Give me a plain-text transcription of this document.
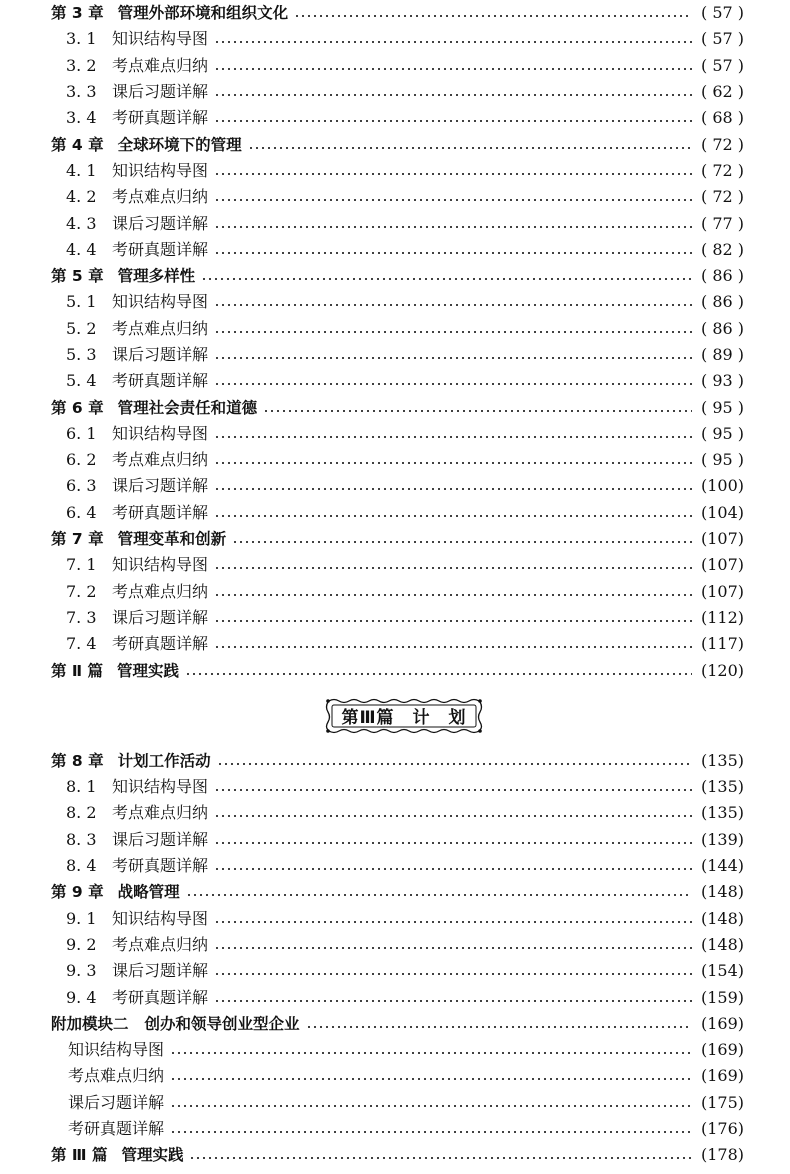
第 3 章 管理外部环境和组织文化	( 57 )
3. 1 知识结构导图	( 57 )
3. 2 考点难点归纳	( 57 )
3. 3 课后习题详解	( 62 )
3. 4 考研真题详解	( 68 )
第 4 章 全球环境下的管理	( 72 )
4. 1 知识结构导图	( 72 )
4. 2 考点难点归纳	( 72 )
4. 3 课后习题详解	( 77 )
4. 4 考研真题详解	( 82 )
第 5 章 管理多样性	( 86 )
5. 1 知识结构导图	( 86 )
5. 2 考点难点归纳	( 86 )
5. 3 课后习题详解	( 89 )
5. 4 考研真题详解	( 93 )
第 6 章 管理社会责任和道德	( 95 )
6. 1 知识结构导图	( 95 )
6. 2 考点难点归纳	( 95 )
6. 3 课后习题详解	(100)
6. 4 考研真题详解	(104)
第 7 章 管理变革和创新	(107)
7. 1 知识结构导图	(107)
7. 2 考点难点归纳	(107)
7. 3 课后习题详解	(112)
7. 4 考研真题详解	(117)
第 Ⅱ 篇 管理实践	(120)
第Ⅲ篇　计　划
第 8 章 计划工作活动	(135)
8. 1 知识结构导图	(135)
8. 2 考点难点归纳	(135)
8. 3 课后习题详解	(139)
8. 4 考研真题详解	(144)
第 9 章 战略管理	(148)
9. 1 知识结构导图	(148)
9. 2 考点难点归纳	(148)
9. 3 课后习题详解	(154)
9. 4 考研真题详解	(159)
附加模块二 创办和领导创业型企业	(169)
知识结构导图	(169)
考点难点归纳	(169)
课后习题详解	(175)
考研真题详解	(176)
第 Ⅲ 篇 管理实践	(178)
